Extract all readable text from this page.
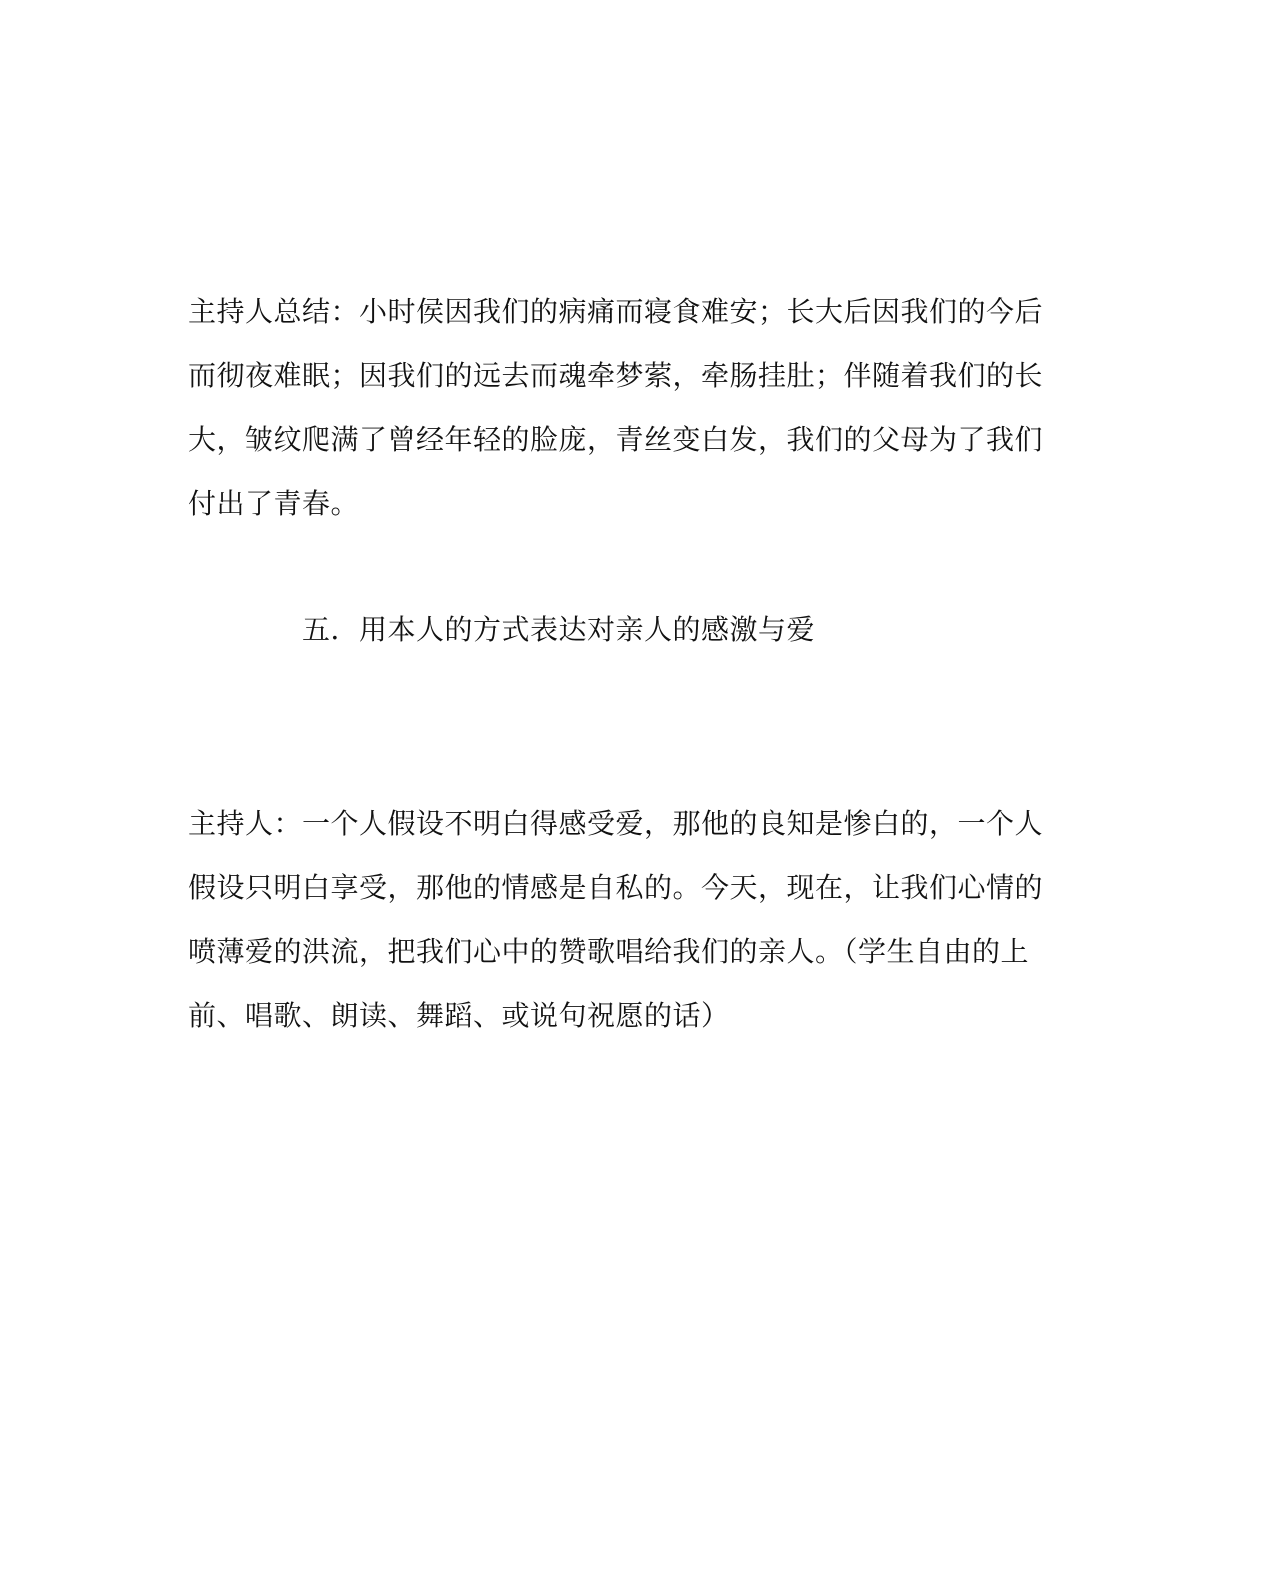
主持人总结：小时侯因我们的病痛而寝食难安；长大后因我们的今后
而彻夜难眠；因我们的远去而魂牵梦萦，牵肠挂肚；伴随着我们的长
大，皱纹爬满了曾经年轻的脸庞，青丝变白发，我们的父母为了我们
付出了青春。

五．用本人的方式表达对亲人的感激与爱

主持人：一个人假设不明白得感受爱，那他的良知是惨白的，一个人
假设只明白享受，那他的情感是自私的。今天，现在，让我们心情的
喷薄爱的洪流，把我们心中的赞歌唱给我们的亲人。（学生自由的上
前、唱歌、朗读、舞蹈、或说句祝愿的话）
